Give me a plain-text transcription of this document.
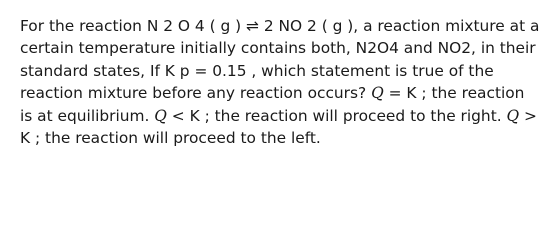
For the reaction N 2 O 4 ( g ) ⇌ 2 NO 2 ( g ), a reaction mixture at a certain temperature initially contains both, N2O4 and NO2, in their standard states, If K p = 0.15 , which statement is true of the reaction mixture before any reaction occurs? 𝑄 = K ; the reaction is at equilibrium. 𝑄 < K ; the reaction will proceed to the right. 𝑄 > K ; the reaction will proceed to the left.
